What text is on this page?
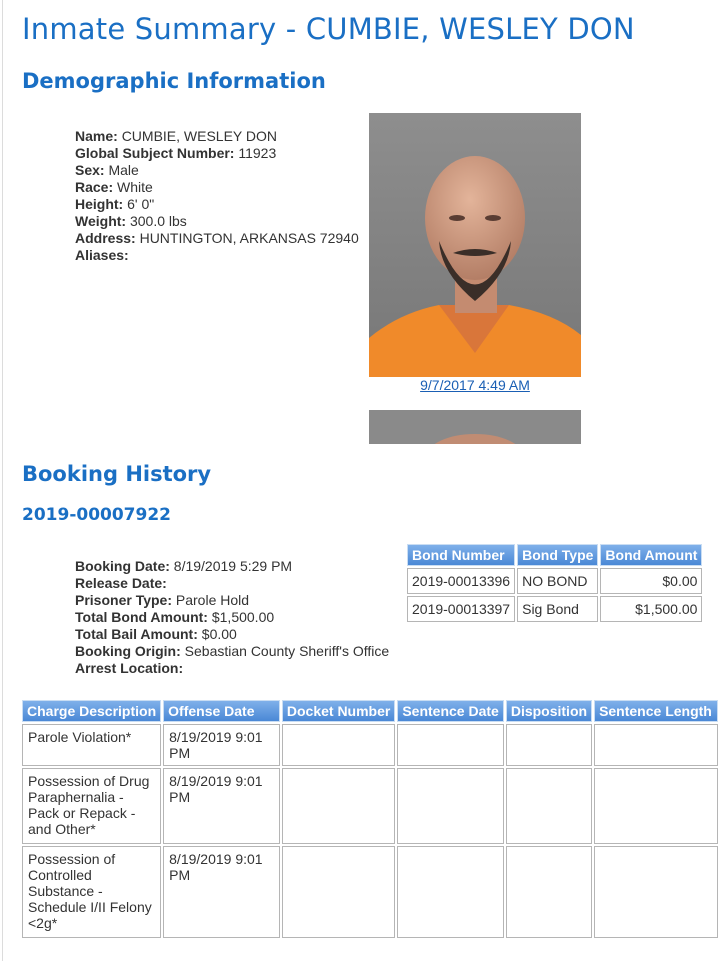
Inmate Summary - CUMBIE, WESLEY DON
Demographic Information
Name: CUMBIE, WESLEY DON
Global Subject Number: 11923
Sex: Male
Race: White
Height: 6' 0"
Weight: 300.0 lbs
Address: HUNTINGTON, ARKANSAS 72940
Aliases:
9/7/2017 4:49 AM
Booking History
2019-00007922
Booking Date: 8/19/2019 5:29 PM
Release Date:
Prisoner Type: Parole Hold
Total Bond Amount: $1,500.00
Total Bail Amount: $0.00
Booking Origin: Sebastian County Sheriff's Office
Arrest Location:
Bond Number	Bond Type	Bond Amount
2019-00013396	NO BOND	$0.00
2019-00013397	Sig Bond	$1,500.00
Charge Description	Offense Date	Docket Number	Sentence Date	Disposition	Sentence Length
Parole Violation*	8/19/2019 9:01 PM				
Possession of Drug Paraphernalia - Pack or Repack - and Other*	8/19/2019 9:01 PM				
Possession of Controlled Substance - Schedule I/II Felony <2g*	8/19/2019 9:01 PM				
